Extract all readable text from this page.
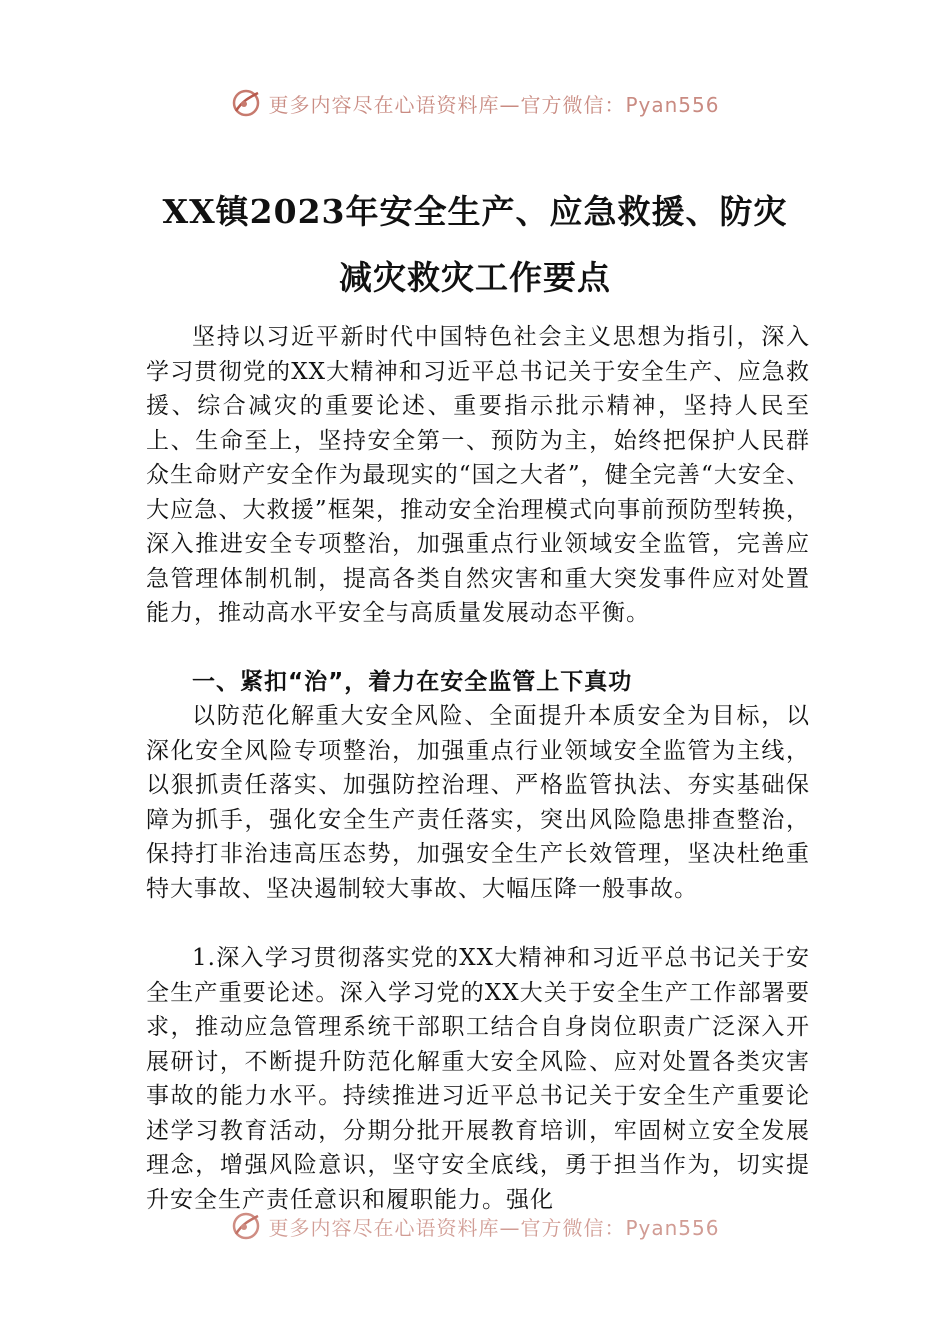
更多内容尽在心语资料库—官方微信：Pyan556
XX镇2023年安全生产、应急救援、防灾
减灾救灾工作要点

坚持以习近平新时代中国特色社会主义思想为指引，深入学习贯彻党的XX大精神和习近平总书记关于安全生产、应急救援、综合减灾的重要论述、重要指示批示精神，坚持人民至上、生命至上，坚持安全第一、预防为主，始终把保护人民群众生命财产安全作为最现实的“国之大者”，健全完善“大安全、大应急、大救援”框架，推动安全治理模式向事前预防型转换，深入推进安全专项整治，加强重点行业领域安全监管，完善应急管理体制机制，提高各类自然灾害和重大突发事件应对处置能力，推动高水平安全与高质量发展动态平衡。

一、紧扣“治”，着力在安全监管上下真功

以防范化解重大安全风险、全面提升本质安全为目标，以深化安全风险专项整治，加强重点行业领域安全监管为主线，以狠抓责任落实、加强防控治理、严格监管执法、夯实基础保障为抓手，强化安全生产责任落实，突出风险隐患排查整治，保持打非治违高压态势，加强安全生产长效管理，坚决杜绝重特大事故、坚决遏制较大事故、大幅压降一般事故。

1.深入学习贯彻落实党的XX大精神和习近平总书记关于安全生产重要论述。深入学习党的XX大关于安全生产工作部署要求，推动应急管理系统干部职工结合自身岗位职责广泛深入开展研讨，不断提升防范化解重大安全风险、应对处置各类灾害事故的能力水平。持续推进习近平总书记关于安全生产重要论述学习教育活动，分期分批开展教育培训，牢固树立安全发展理念，增强风险意识，坚守安全底线，勇于担当作为，切实提升安全生产责任意识和履职能力。强化

更多内容尽在心语资料库—官方微信：Pyan556
